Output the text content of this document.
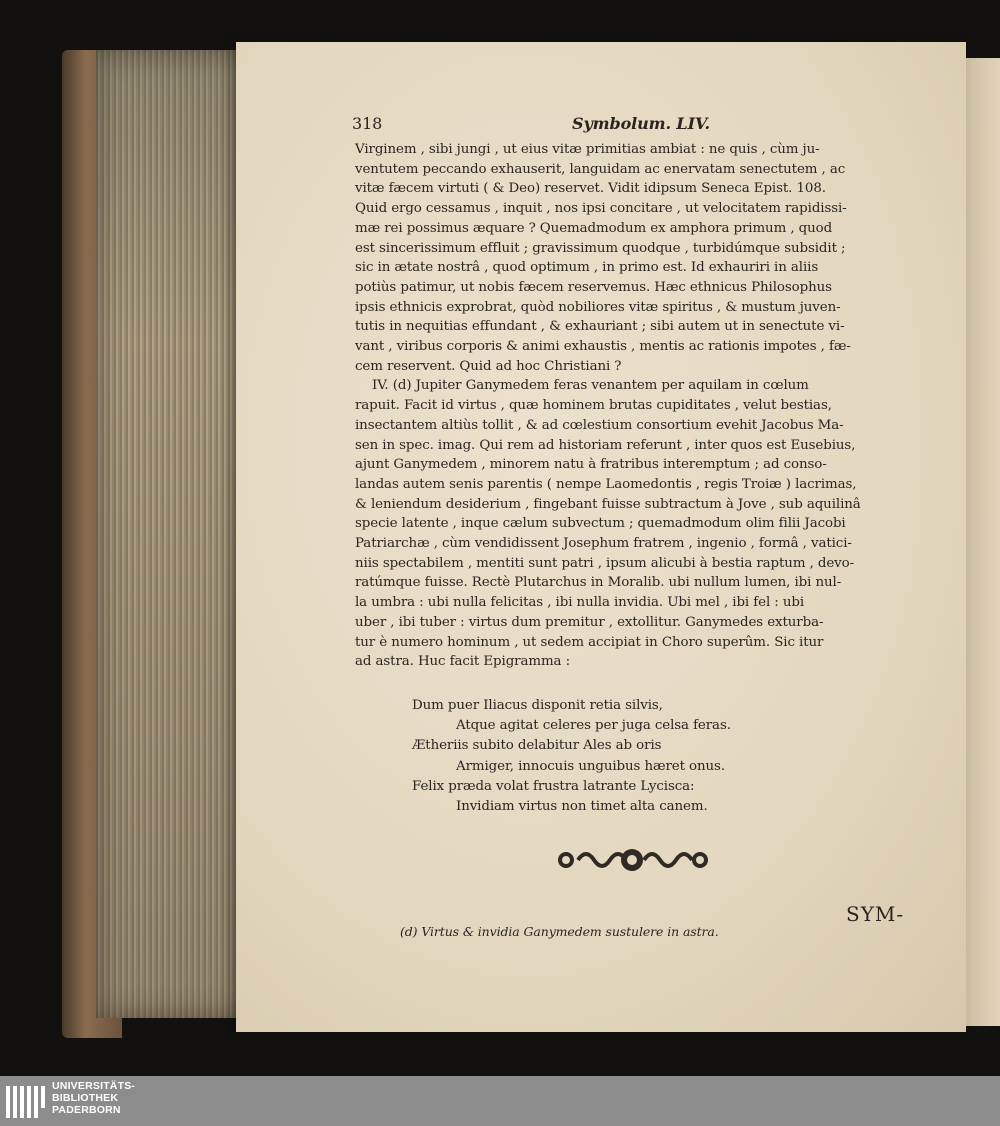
318	Symbolum. LIV.
Virginem , sibi jungi , ut eius vitæ primitias ambiat : ne quis , cùm ju-
ventutem peccando exhauserit, languidam ac enervatam senectutem , ac
vitæ fæcem virtuti ( & Deo) reservet. Vidit idipsum Seneca Epist. 108.
Quid ergo cessamus , inquit , nos ipsi concitare , ut velocitatem rapidissi-
mæ rei possimus æquare ? Quemadmodum ex amphora primum , quod
est sincerissimum effluit ; gravissimum quodque , turbidúmque subsidit ;
sic in ætate nostrâ , quod optimum , in primo est. Id exhauriri in aliis
potiùs patimur, ut nobis fæcem reservemus. Hæc ethnicus Philosophus
ipsis ethnicis exprobrat, quòd nobiliores vitæ spiritus , & mustum juven-
tutis in nequitias effundant , & exhauriant ; sibi autem ut in senectute vi-
vant , viribus corporis & animi exhaustis , mentis ac rationis impotes , fæ-
cem reservent. Quid ad hoc Christiani ?
IV. (d) Jupiter Ganymedem feras venantem per aquilam in cœlum
rapuit. Facit id virtus , quæ hominem brutas cupiditates , velut bestias,
insectantem altiùs tollit , & ad cœlestium consortium evehit Jacobus Ma-
sen in spec. imag. Qui rem ad historiam referunt , inter quos est Eusebius,
ajunt Ganymedem , minorem natu à fratribus interemptum ; ad conso-
landas autem senis parentis ( nempe Laomedontis , regis Troiæ ) lacrimas,
& leniendum desiderium , fingebant fuisse subtractum à Jove , sub aquilinâ
specie latente , inque cælum subvectum ; quemadmodum olim filii Jacobi
Patriarchæ , cùm vendidissent Josephum fratrem , ingenio , formâ , vatici-
niis spectabilem , mentiti sunt patri , ipsum alicubi à bestia raptum , devo-
ratúmque fuisse. Rectè Plutarchus in Moralib. ubi nullum lumen, ibi nul-
la umbra : ubi nulla felicitas , ibi nulla invidia. Ubi mel , ibi fel : ubi
uber , ibi tuber : virtus dum premitur , extollitur. Ganymedes exturba-
tur è numero hominum , ut sedem accipiat in Choro superûm. Sic itur
ad astra. Huc facit Epigramma :
Dum puer Iliacus disponit retia silvis,
Atque agitat celeres per juga celsa feras.
Ætheriis subito delabitur Ales ab oris
Armiger, innocuis unguibus hæret onus.
Felix præda volat frustra latrante Lycisca:
Invidiam virtus non timet alta canem.
SYM-
(d) Virtus & invidia Ganymedem sustulere in astra.
UNIVERSITÄTS-
BIBLIOTHEK
PADERBORN
